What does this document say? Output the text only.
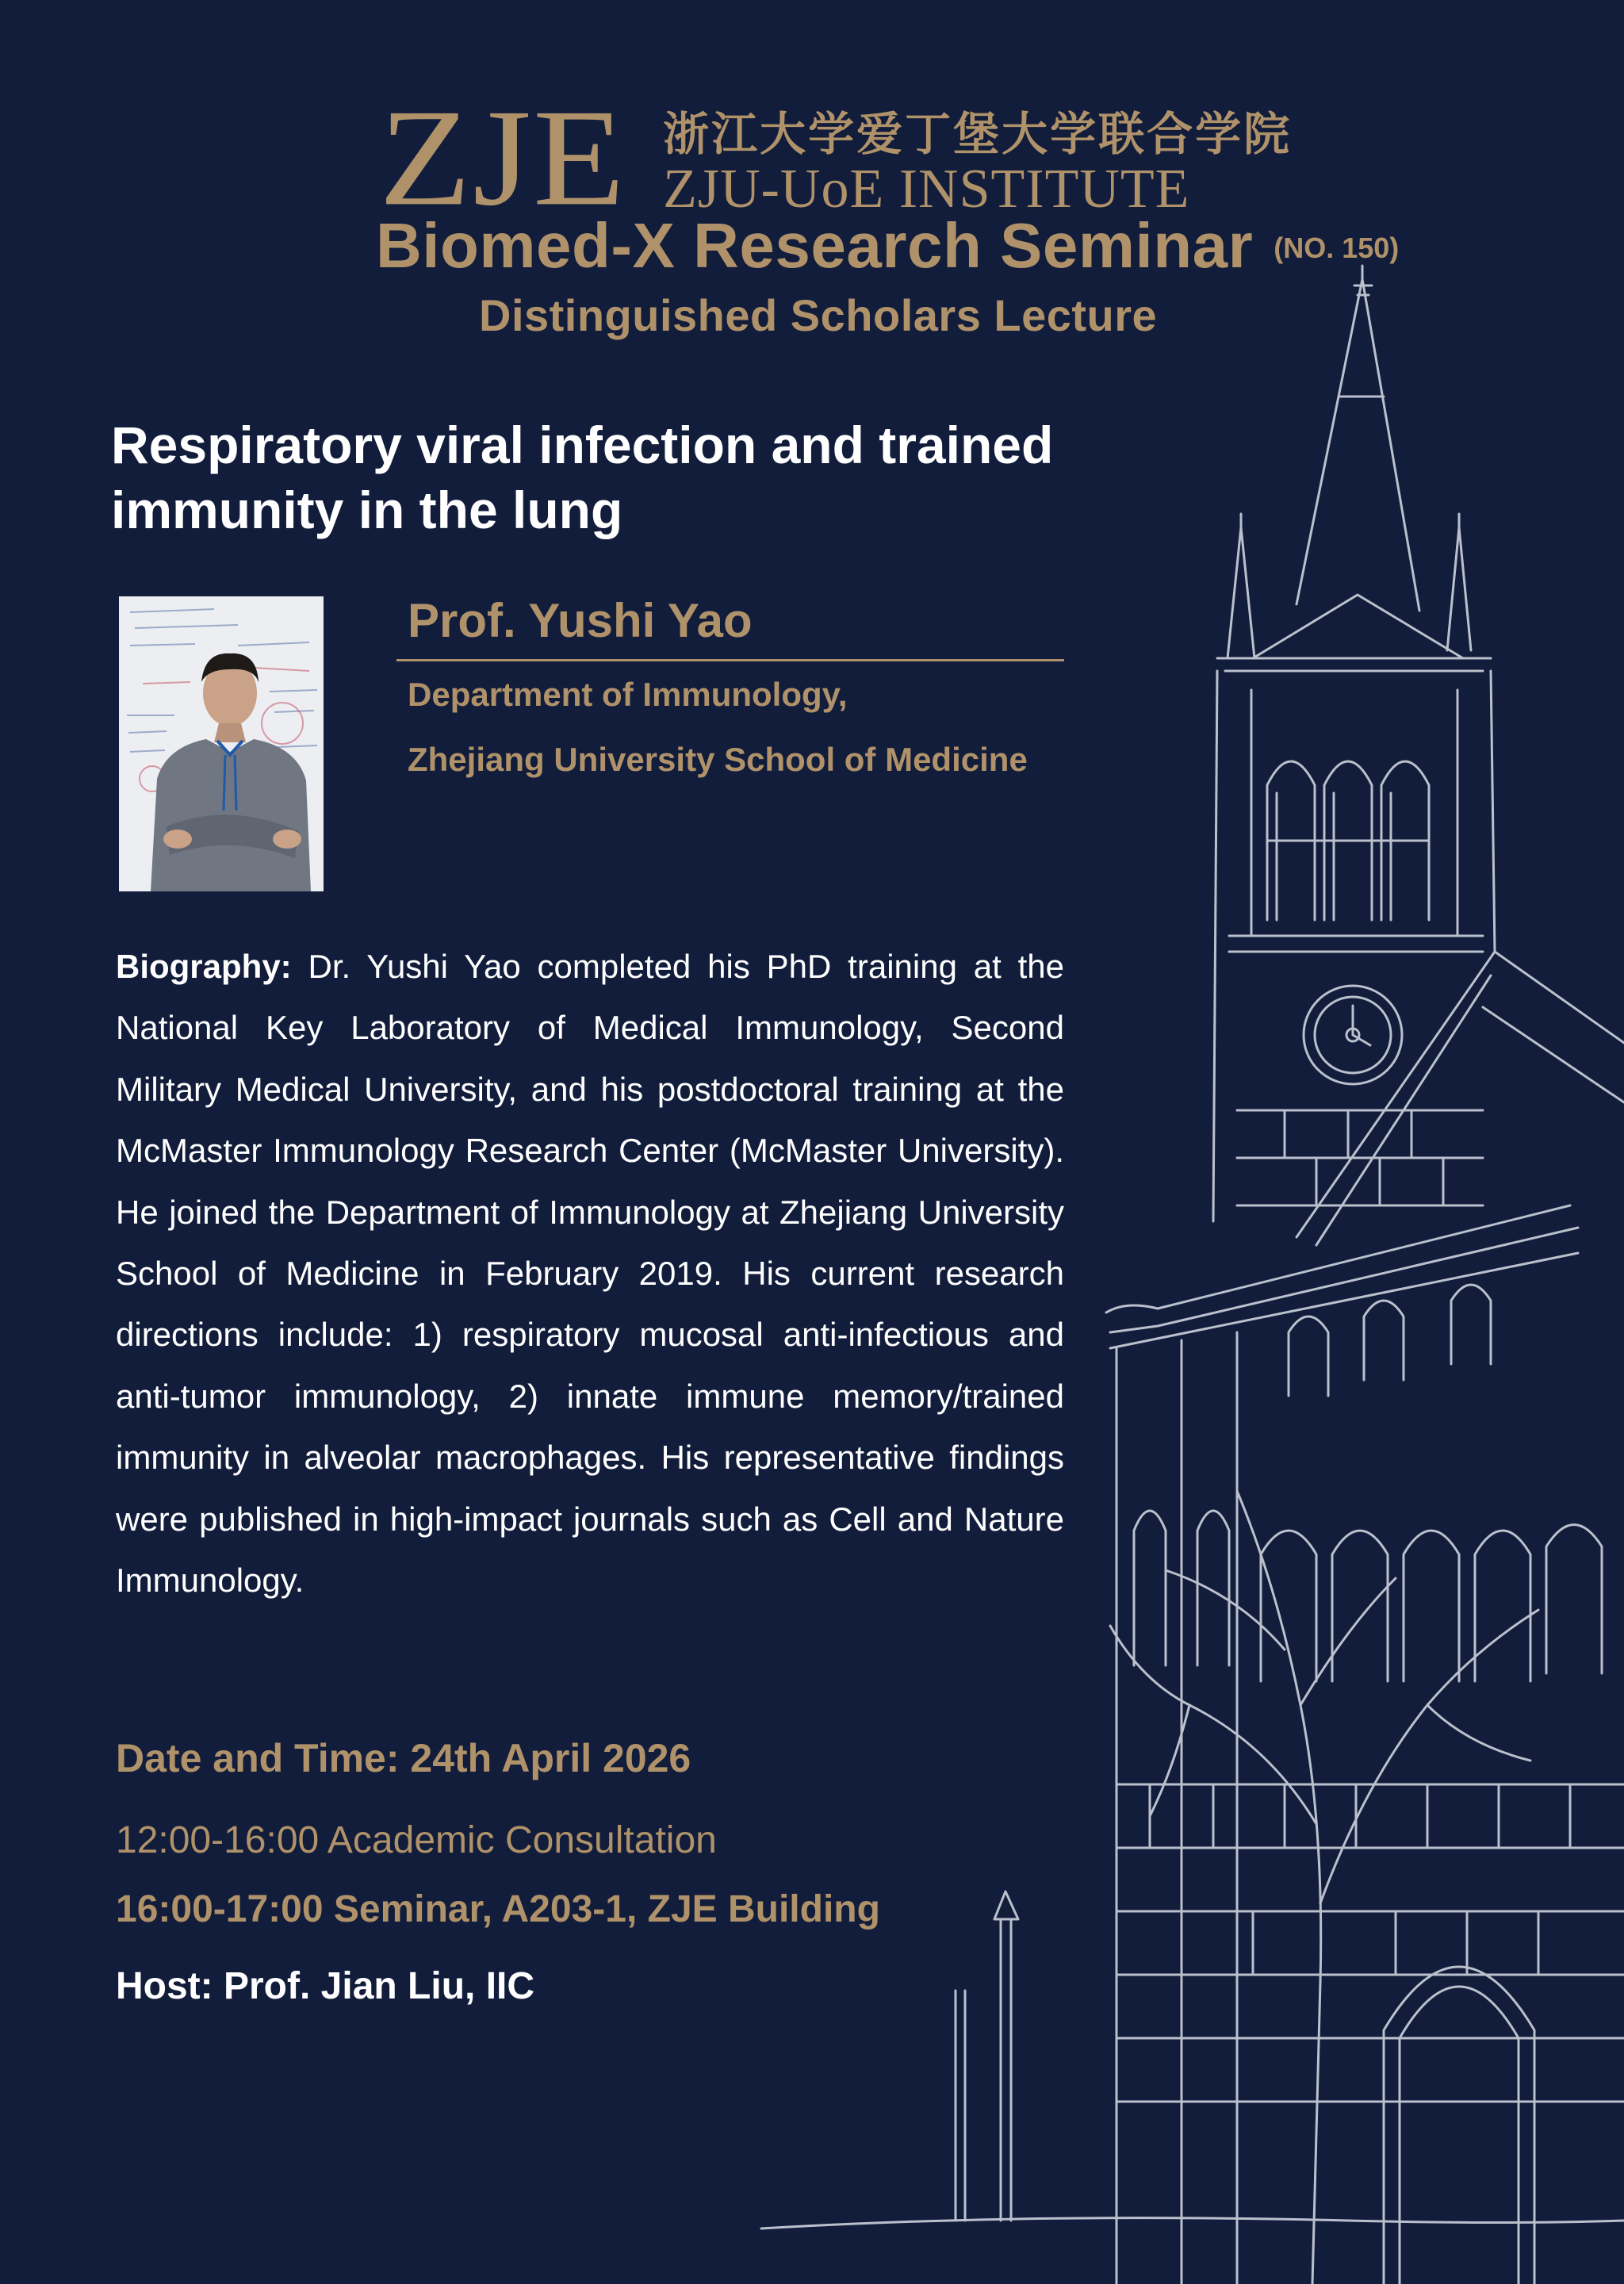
ZJE 浙江大学爱丁堡大学联合学院
ZJU-UoE INSTITUTE
Biomed-X Research Seminar (NO. 150)
Distinguished Scholars Lecture
Respiratory viral infection and trained
immunity in the lung
Prof. Yushi Yao
Department of Immunology,
Zhejiang University School of Medicine
Biography: Dr. Yushi Yao completed his PhD training at the National Key Laboratory of Medical Immunology, Second Military Medical University, and his postdoctoral training at the McMaster Immunology Research Center (McMaster University). He joined the Department of Immunology at Zhejiang University School of Medicine in February 2019. His current research directions include: 1) respiratory mucosal anti-infectious and anti-tumor immunology, 2) innate immune memory/trained immunity in alveolar macrophages. His representative findings were published in high-impact journals such as Cell and Nature Immunology.
Date and Time: 24th April 2026
12:00-16:00 Academic Consultation
16:00-17:00 Seminar, A203-1, ZJE Building
Host: Prof. Jian Liu, IIC
